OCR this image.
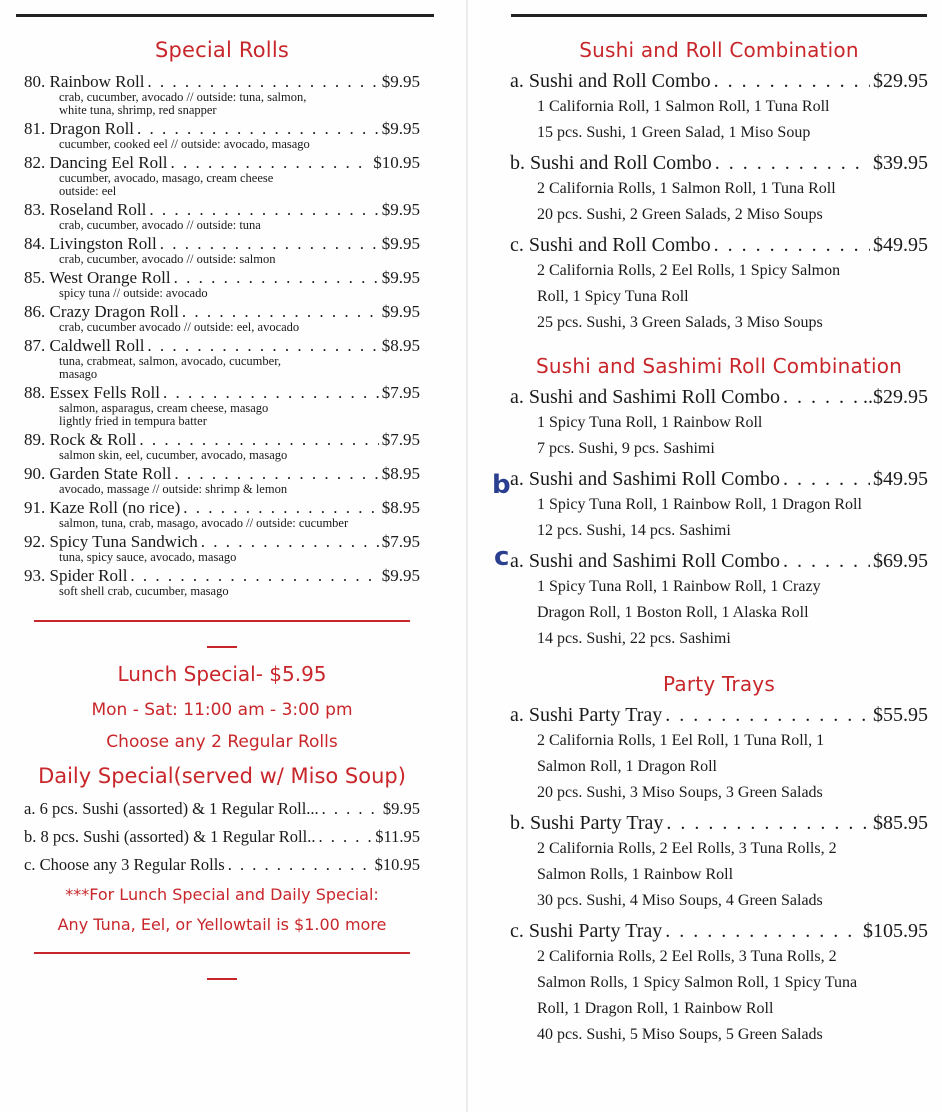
Special Rolls
80. Rainbow Roll . . .	$9.95
crab, cucumber, avocado // outside: tuna, salmon,
white tuna, shrimp, red snapper
81. Dragon Roll . . .	$9.95
cucumber, cooked eel // outside: avocado, masago
82. Dancing Eel Roll . . .	$10.95
cucumber, avocado, masago, cream cheese
outside: eel
83. Roseland Roll . . .	$9.95
crab, cucumber, avocado // outside: tuna
84. Livingston Roll . . .	$9.95
crab, cucumber, avocado // outside: salmon
85. West Orange Roll . . .	$9.95
spicy tuna // outside: avocado
86. Crazy Dragon Roll . . .	$9.95
crab, cucumber avocado // outside: eel, avocado
87. Caldwell Roll . . .	$8.95
tuna, crabmeat, salmon, avocado, cucumber,
masago
88. Essex Fells Roll . . .	$7.95
salmon, asparagus, cream cheese, masago
lightly fried in tempura batter
89. Rock & Roll . . .	$7.95
salmon skin, eel, cucumber, avocado, masago
90. Garden State Roll . . .	$8.95
avocado, massage // outside: shrimp & lemon
91. Kaze Roll (no rice) . . .	$8.95
salmon, tuna, crab, masago, avocado // outside: cucumber
92. Spicy Tuna Sandwich . . .	$7.95
tuna, spicy sauce, avocado, masago
93. Spider Roll . . .	$9.95
soft shell crab, cucumber, masago

Lunch Special- $5.95

Mon - Sat: 11:00 am - 3:00 pm

Choose any 2 Regular Rolls

Daily Special(served w/ Miso Soup)

a. 6 pcs. Sushi (assorted) & 1 Regular Roll... . . .	$9.95
b. 8 pcs. Sushi (assorted) & 1 Regular Roll.. . . .	$11.95
c. Choose any 3 Regular Rolls . . .	$10.95

***For Lunch Special and Daily Special:

Any Tuna, Eel, or Yellowtail is $1.00 more

Sushi and Roll Combination
a. Sushi and Roll Combo . . .	$29.95
1 California Roll, 1 Salmon Roll, 1 Tuna Roll
15 pcs. Sushi, 1 Green Salad, 1 Miso Soup
b. Sushi and Roll Combo . . .	$39.95
2 California Rolls, 1 Salmon Roll, 1 Tuna Roll
20 pcs. Sushi, 2 Green Salads, 2 Miso Soups
c. Sushi and Roll Combo . . .	$49.95
2 California Rolls, 2 Eel Rolls, 1 Spicy Salmon
Roll, 1 Spicy Tuna Roll
25 pcs. Sushi, 3 Green Salads, 3 Miso Soups
Sushi and Sashimi Roll Combination
a. Sushi and Sashimi Roll Combo . . .	..$29.95
1 Spicy Tuna Roll, 1 Rainbow Roll
7 pcs. Sushi, 9 pcs. Sashimi
a. Sushi and Sashimi Roll Combo . . .	$49.95
1 Spicy Tuna Roll, 1 Rainbow Roll, 1 Dragon Roll
12 pcs. Sushi, 14 pcs. Sashimi
a. Sushi and Sashimi Roll Combo . . .	$69.95
1 Spicy Tuna Roll, 1 Rainbow Roll, 1 Crazy
Dragon Roll, 1 Boston Roll, 1 Alaska Roll
14 pcs. Sushi, 22 pcs. Sashimi
Party Trays
a. Sushi Party Tray . . .	$55.95
2 California Rolls, 1 Eel Roll, 1 Tuna Roll, 1
Salmon Roll, 1 Dragon Roll
20 pcs. Sushi, 3 Miso Soups, 3 Green Salads
b. Sushi Party Tray . . .	$85.95
2 California Rolls, 2 Eel Rolls, 3 Tuna Rolls, 2
Salmon Rolls, 1 Rainbow Roll
30 pcs. Sushi, 4 Miso Soups, 4 Green Salads
c. Sushi Party Tray . . .	$105.95
2 California Rolls, 2 Eel Rolls, 3 Tuna Rolls, 2
Salmon Rolls, 1 Spicy Salmon Roll, 1 Spicy Tuna
Roll, 1 Dragon Roll, 1 Rainbow Roll
40 pcs. Sushi, 5 Miso Soups, 5 Green Salads
b
c
